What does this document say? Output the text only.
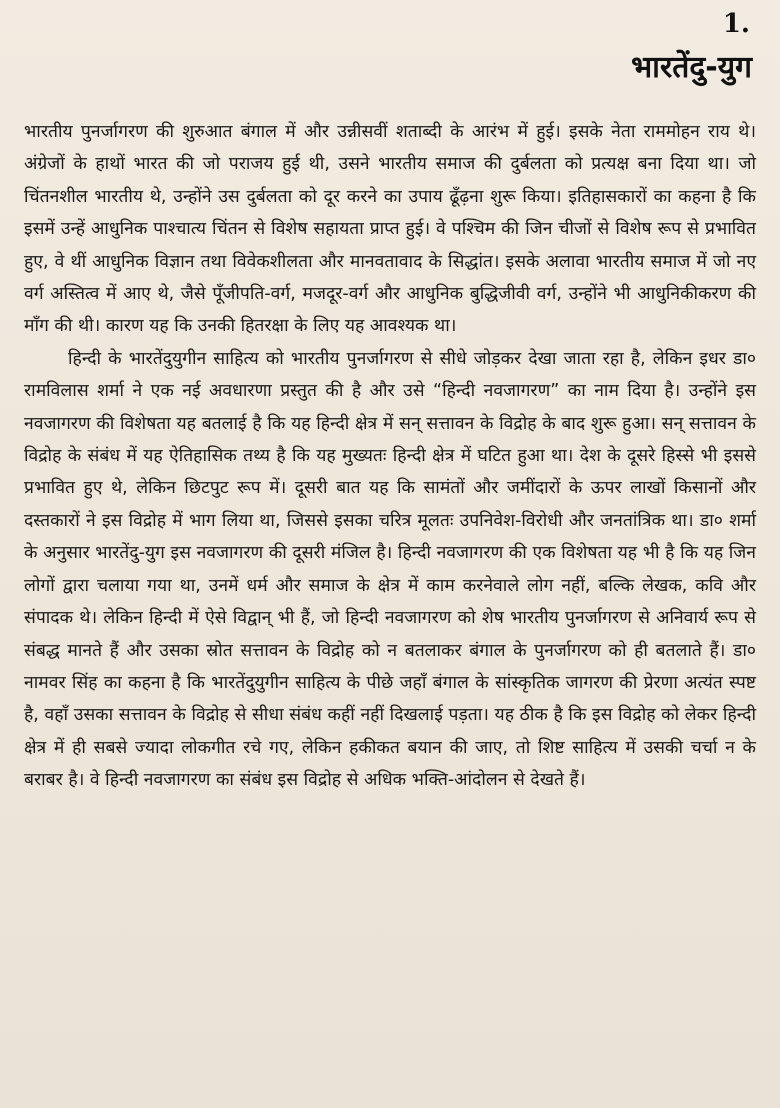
1.
भारतेंदु-युग

भारतीय पुनर्जागरण की शुरुआत बंगाल में और उन्नीसवीं शताब्दी के आरंभ में हुई। इसके नेता राममोहन राय थे। अंग्रेजों के हाथों भारत की जो पराजय हुई थी, उसने भारतीय समाज की दुर्बलता को प्रत्यक्ष बना दिया था। जो चिंतनशील भारतीय थे, उन्होंने उस दुर्बलता को दूर करने का उपाय ढूँढ़ना शुरू किया। इतिहासकारों का कहना है कि इसमें उन्हें आधुनिक पाश्चात्य चिंतन से विशेष सहायता प्राप्त हुई। वे पश्चिम की जिन चीजों से विशेष रूप से प्रभावित हुए, वे थीं आधुनिक विज्ञान तथा विवेकशीलता और मानवतावाद के सिद्धांत। इसके अलावा भारतीय समाज में जो नए वर्ग अस्तित्व में आए थे, जैसे पूँजीपति-वर्ग, मजदूर-वर्ग और आधुनिक बुद्धिजीवी वर्ग, उन्होंने भी आधुनिकीकरण की माँग की थी। कारण यह कि उनकी हितरक्षा के लिए यह आवश्यक था।

हिन्दी के भारतेंदुयुगीन साहित्य को भारतीय पुनर्जागरण से सीधे जोड़कर देखा जाता रहा है, लेकिन इधर डा० रामविलास शर्मा ने एक नई अवधारणा प्रस्तुत की है और उसे “हिन्दी नवजागरण” का नाम दिया है। उन्होंने इस नवजागरण की विशेषता यह बतलाई है कि यह हिन्दी क्षेत्र में सन् सत्तावन के विद्रोह के बाद शुरू हुआ। सन् सत्तावन के विद्रोह के संबंध में यह ऐतिहासिक तथ्य है कि यह मुख्यतः हिन्दी क्षेत्र में घटित हुआ था। देश के दूसरे हिस्से भी इससे प्रभावित हुए थे, लेकिन छिटपुट रूप में। दूसरी बात यह कि सामंतों और जमींदारों के ऊपर लाखों किसानों और दस्तकारों ने इस विद्रोह में भाग लिया था, जिससे इसका चरित्र मूलतः उपनिवेश-विरोधी और जनतांत्रिक था। डा० शर्मा के अनुसार भारतेंदु-युग इस नवजागरण की दूसरी मंजिल है। हिन्दी नवजागरण की एक विशेषता यह भी है कि यह जिन लोगों द्वारा चलाया गया था, उनमें धर्म और समाज के क्षेत्र में काम करनेवाले लोग नहीं, बल्कि लेखक, कवि और संपादक थे। लेकिन हिन्दी में ऐसे विद्वान् भी हैं, जो हिन्दी नवजागरण को शेष भारतीय पुनर्जागरण से अनिवार्य रूप से संबद्ध मानते हैं और उसका स्रोत सत्तावन के विद्रोह को न बतलाकर बंगाल के पुनर्जागरण को ही बतलाते हैं। डा० नामवर सिंह का कहना है कि भारतेंदुयुगीन साहित्य के पीछे जहाँ बंगाल के सांस्कृतिक जागरण की प्रेरणा अत्यंत स्पष्ट है, वहाँ उसका सत्तावन के विद्रोह से सीधा संबंध कहीं नहीं दिखलाई पड़ता। यह ठीक है कि इस विद्रोह को लेकर हिन्दी क्षेत्र में ही सबसे ज्यादा लोकगीत रचे गए, लेकिन हकीकत बयान की जाए, तो शिष्ट साहित्य में उसकी चर्चा न के बराबर है। वे हिन्दी नवजागरण का संबंध इस विद्रोह से अधिक भक्ति-आंदोलन से देखते हैं।
